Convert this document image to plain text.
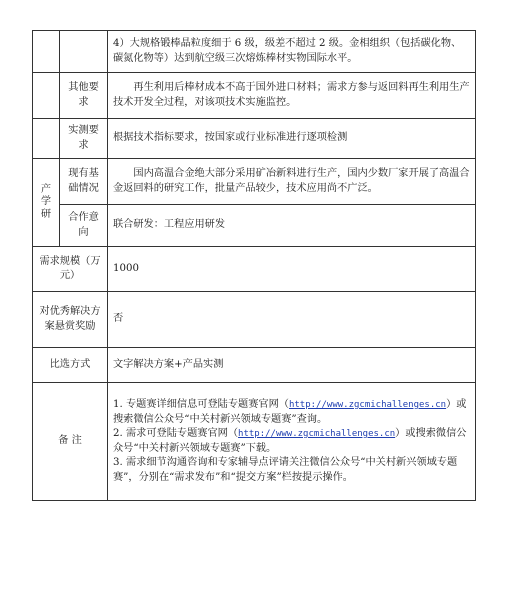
		4）大规格锻棒晶粒度细于 6 级，级差不超过 2 级。金相组织（包括碳化物、碳氮化物等）达到航空级三次熔炼棒材实物国际水平。
	其他要求	再生利用后棒材成本不高于国外进口材料；需求方参与返回料再生利用生产技术开发全过程，对该项技术实施监控。
	实测要求	根据技术指标要求，按国家或行业标准进行逐项检测

产
学
研	现有基础情况	国内高温合金绝大部分采用矿冶新料进行生产，国内少数厂家开展了高温合金返回料的研究工作，批量产品较少，技术应用尚不广泛。
	合作意向	联合研发：工程应用研发
需求规模（万元）		1000
对优秀解决方案悬赏奖励		否
比选方式		文字解决方案+产品实测
备 注		1. 专题赛详细信息可登陆专题赛官网（http://www.zgcmichallenges.cn）或搜索微信公众号“中关村新兴领域专题赛”查询。

2. 需求可登陆专题赛官网（http://www.zgcmichallenges.cn）或搜索微信公众号“中关村新兴领域专题赛”下载。

3. 需求细节沟通咨询和专家辅导点评请关注微信公众号“中关村新兴领域专题赛”，分别在“需求发布”和“提交方案”栏按提示操作。
